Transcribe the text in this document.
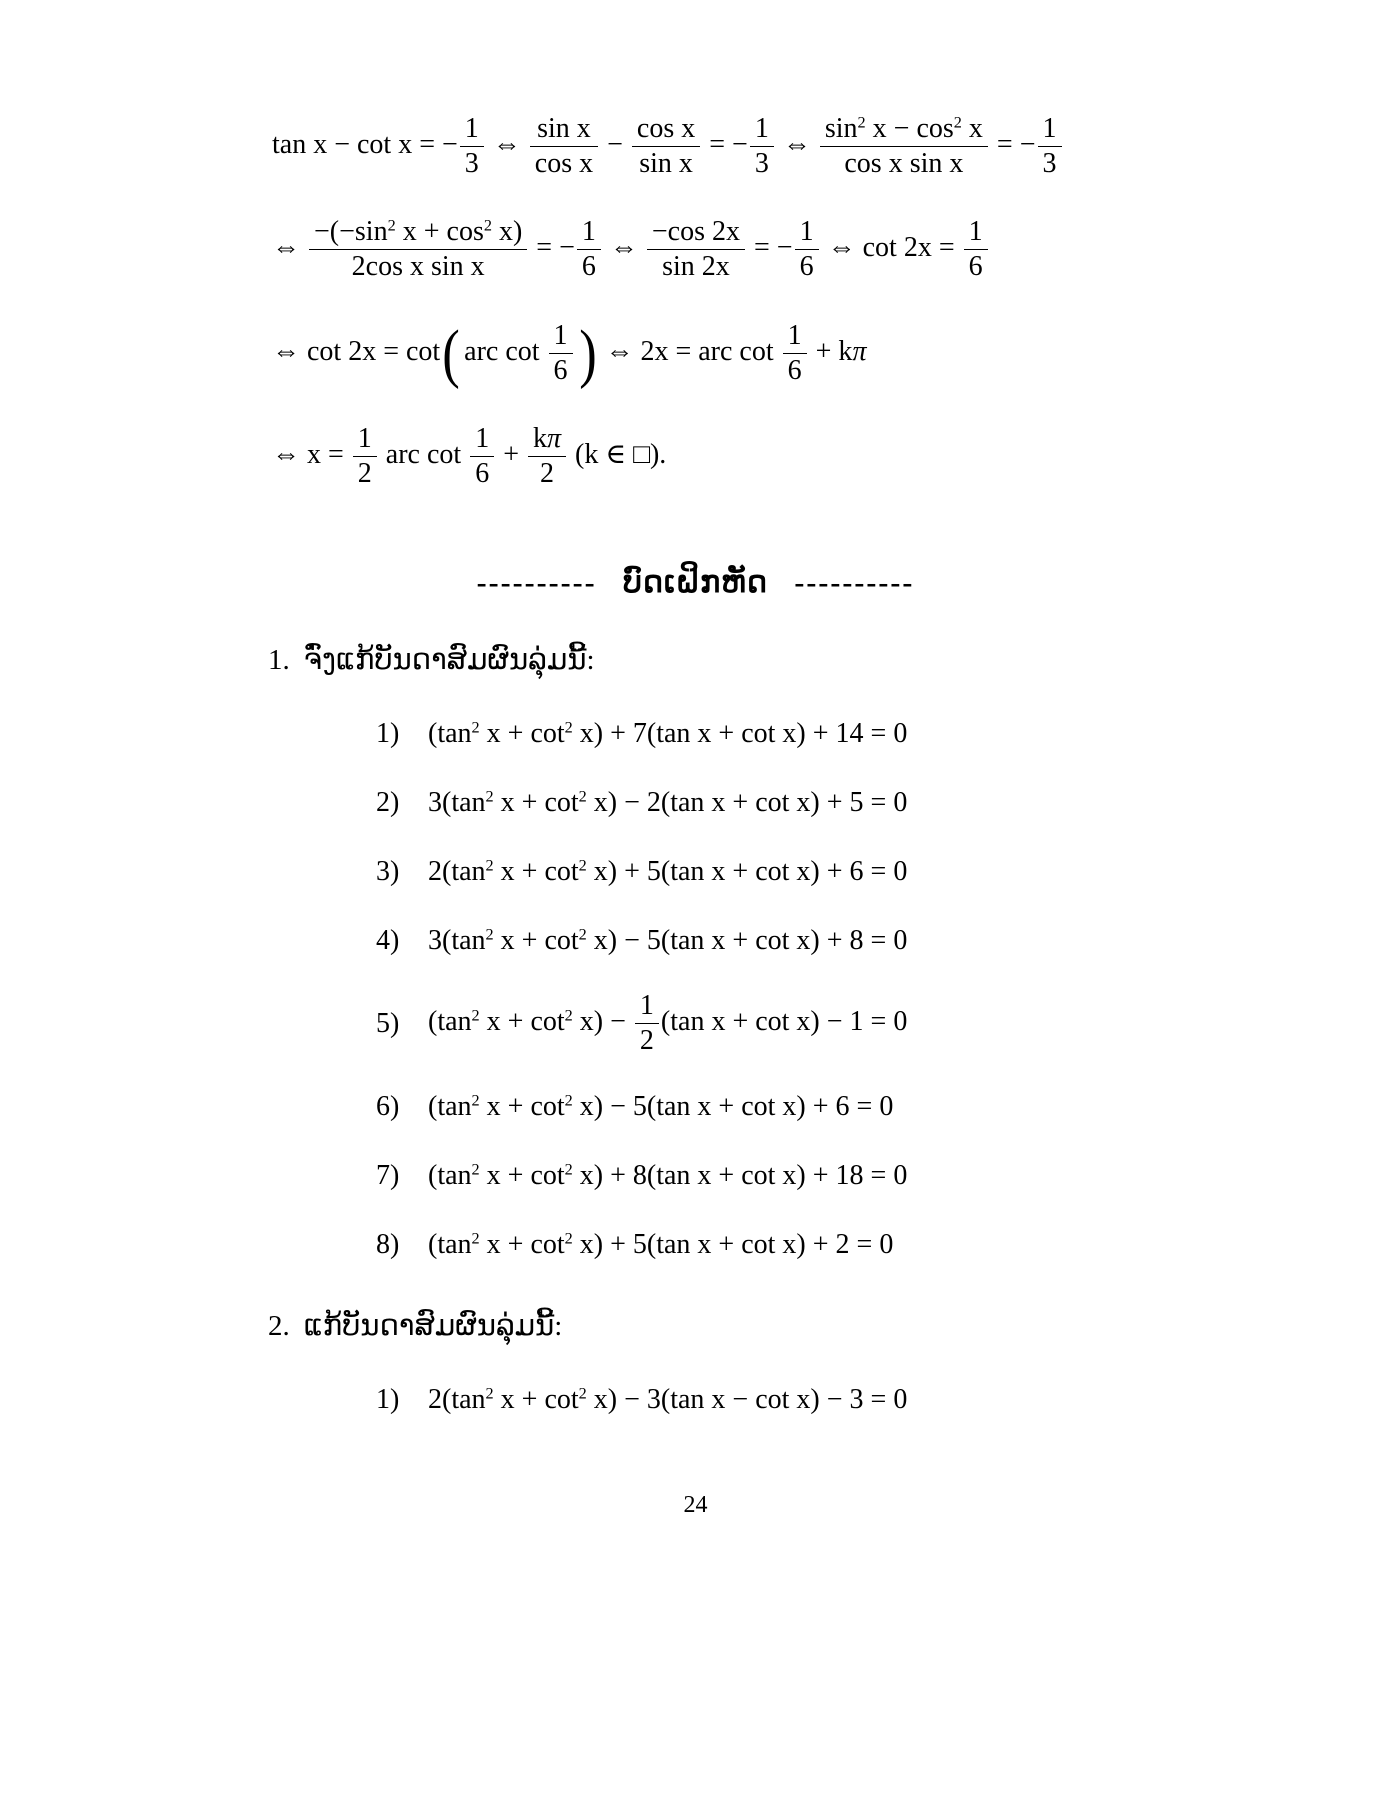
tan x − cot x = − $\frac{1}{3}$ ⇔ $\frac{\text{sin x}}{\text{cos x}} - \frac{\text{cos x}}{\text{sin x}}$ = − $\frac{1}{3}$ ⇔ $\frac{\sin^2 x - \cos^2 x}{\text{cos x sin x}}$ = − $\frac{1}{3}$
⇔ $\frac{-(-\sin^2 x + \cos^2 x)}{\text{2cos x sin x}}$ = − $\frac{1}{6}$ ⇔ $\frac{-\cos 2x}{\sin 2x}$ = − $\frac{1}{6}$ ⇔ $\cot 2x = \frac{1}{6}$
⇔ cot 2x = cot ( arc $\cot \frac{1}{6}$ ) ⇔ 2x = arc $\cot \frac{1}{6} + k\pi$
⇔ $x = \frac{1}{2}$ arc $\cot \frac{1}{6} + \frac{k\pi}{2} (k$ ∈ □).
---------- ບົດເຝິກຫັດ ----------
1. ຈົ່ງແກ້ບັນດາສົມຜົນລຸ່ມນີ້:
1)	($\tan^2$ $x + \cot^2 x) + 7(\tan$ x + cot x) + 14 = 0
2)	$3(\tan^2$ $x + \cot^2 x) - 2(\tan$ x + cot x) + 5 = 0
3)	$2(\tan^2$ $x + \cot^2 x) + 5(\tan$ x + cot x) + 6 = 0
4)	$3(\tan^2$ $x + \cot^2 x) - 5(\tan$ x + cot x) + 8 = 0
5)	($\tan^2$ $x + \cot^2 x) - \frac{1}{2} (\tan$ x + cot x) − 1 = 0
6)	($\tan^2$ $x + \cot^2 x) - 5(\tan$ x + cot x) + 6 = 0
7)	($\tan^2$ $x + \cot^2 x) + 8(\tan$ x + cot x) + 18 = 0
8)	($\tan^2$ $x + \cot^2 x) + 5(\tan$ x + cot x) + 2 = 0
2. ແກ້ບັນດາສົມຜົນລຸ່ມນີ້:
1)	$2(\tan^2$ $x + \cot^2 x) - 3(\tan$ x − cot x) − 3 = 0
24
